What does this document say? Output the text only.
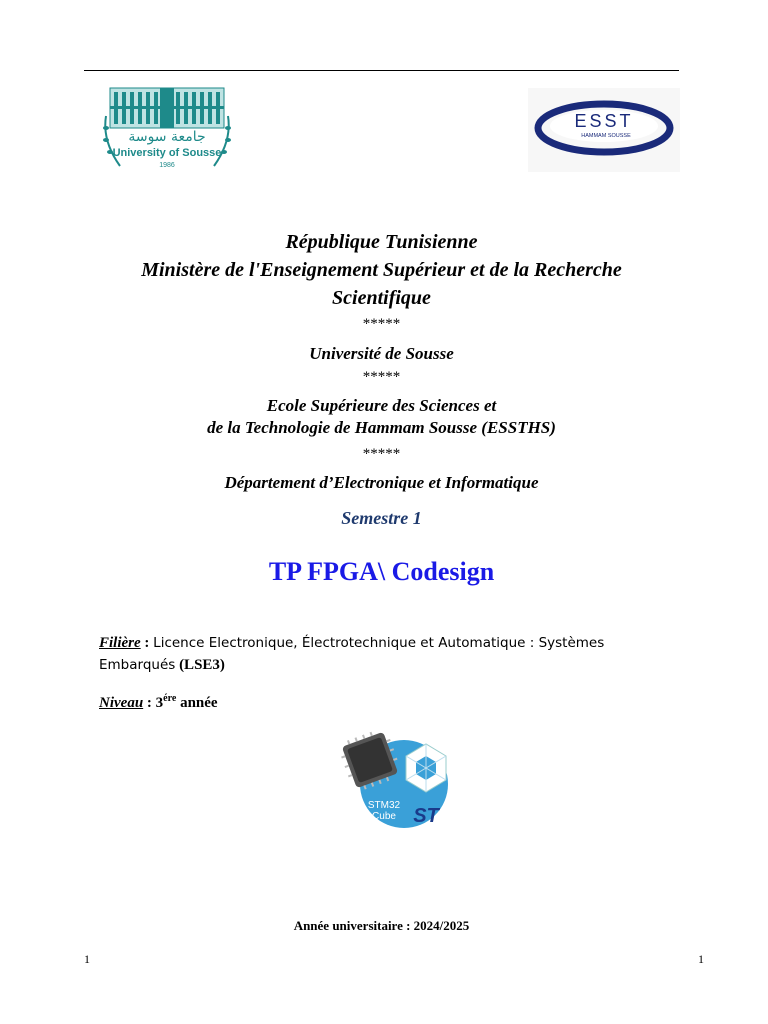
جامعة سوسة
University of Sousse
1986
ESST
HAMMAM SOUSSE
République Tunisienne
Ministère de l'Enseignement Supérieur et de la Recherche
Scientifique
*****
Université de Sousse
*****
Ecole Supérieure des Sciences et
de la Technologie de Hammam Sousse (ESSTHS)
*****
Département d’Electronique et Informatique
Semestre 1
TP FPGA\ Codesign
Filière : Licence Electronique, Électrotechnique et Automatique : Systèmes Embarqués (LSE3)
Niveau : $3^{ére}$ année
STM32
Cube ST
Année universitaire : 2024/2025
1	1
